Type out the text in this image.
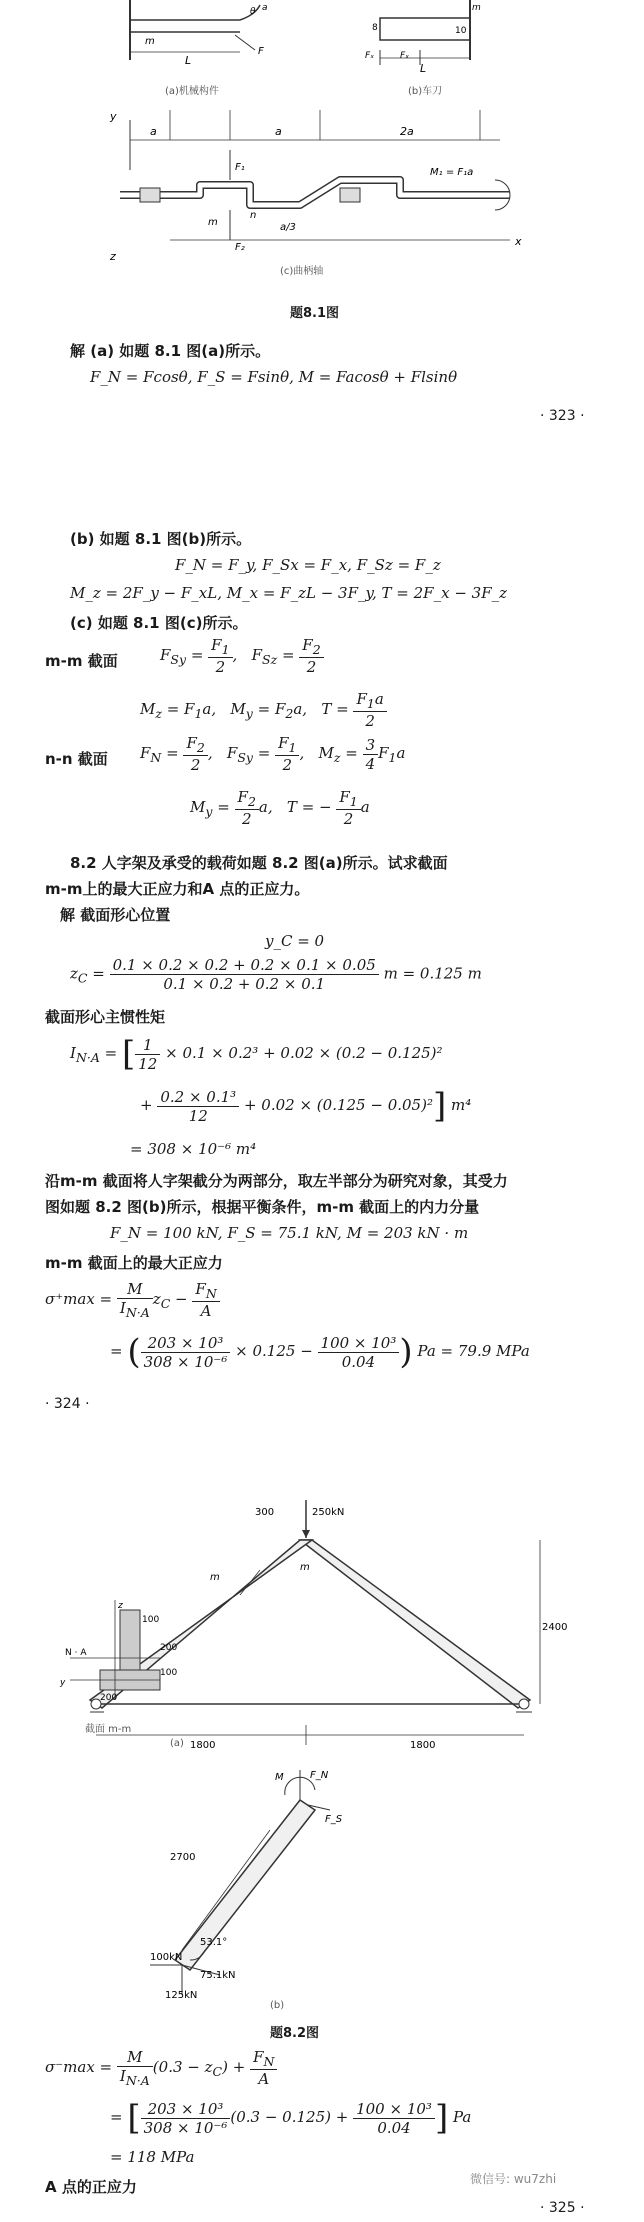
m
L
F
θ a
(a)机械构件
8	10
Fₓ	Fₓ
L
m
(b)车刀
y
a	a	2a
F₁
n
m	a/3
F₂
M₁ = F₁a
x
z
(c)曲柄轴
题8.1图
解 (a) 如题 8.1 图(a)所示。
F_N = Fcosθ, F_S = Fsinθ, M = Facosθ + Flsinθ
· 323 ·
(b) 如题 8.1 图(b)所示。
F_N = F_y, F_Sx = F_x, F_Sz = F_z
M_z = 2F_y − F_xL, M_x = F_zL − 3F_y, T = 2F_x − 3F_z
(c) 如题 8.1 图(c)所示。
m-m 截面	$F_{Sy} = \frac{F_1}{2}$ ,   $F_{Sz} = \frac{F_2}{2}$
$M_z = F_1a$,   $M_y = F_2a$,   $T = \frac{F_1a}{2}$
n-n 截面 $F_N = \frac{F_2}{2}$ ,   $F_{Sy} = \frac{F_1}{2}$ ,   $M_z = \frac{3}{4} F_1a$
$M_y = \frac{F_2}{2} a$,   T = − $\frac{F_1}{2}$ a
8.2 人字架及承受的载荷如题 8.2 图(a)所示。试求截面
m-m上的最大正应力和A 点的正应力。
解 截面形心位置
y_C = 0
$z_C = \frac{0.1 \times 0.2 \times 0.2 + 0.2 \times 0.1 \times 0.05}{0.1 \times 0.2 + 0.2 \times 0.1}$ m = 0.125 m
截面形心主惯性矩
$I_{N\cdot A}$ = [ $\frac{1}{12} \times 0.1 \times 0.2^3 + 0.02 \times (0.2 - 0.125)^2$
+ $\frac{\text{0.2 × 0.1³}}{12} + 0.02 \times (0.125 - 0.05)^2$] m⁴
= 308 × 10⁻⁶ m⁴
沿m-m 截面将人字架截分为两部分，取左半部分为研究对象，其受力
图如题 8.2 图(b)所示，根据平衡条件，m-m 截面上的内力分量
F_N = 100 kN, F_S = 75.1 kN, M = 203 kN · m
m-m 截面上的最大正应力
$\sigma^+\max = \frac{M}{I_{N\cdot A}} z_C - \frac{F_N}{A}$
= ( $\frac{\text{203 × 10³}}{\text{308 × 10⁻⁶}} \times 0.125 - \frac{\text{100 × 10³}}{0.04}$ ) Pa = 79.9 MPa
· 324 ·
250kN
300
m
m
2400
1800	1800
N · A
z
y
100
200
100
200
截面 m-m
(a)
M	F_N
F_S
2700
53.1°
100kN
75.1kN
125kN
(b)
题8.2图
$\sigma^-\max = \frac{M}{I_{N\cdot A}} (0.3 - z_C) + \frac{F_N}{A}$
= [ $\frac{\text{203 × 10³}}{\text{308 × 10⁻⁶}} (0.3 - 0.125) + \frac{\text{100 × 10³}}{0.04}$ ] Pa
= 118 MPa
A 点的正应力	微信号: wu7zhi
· 325 ·
